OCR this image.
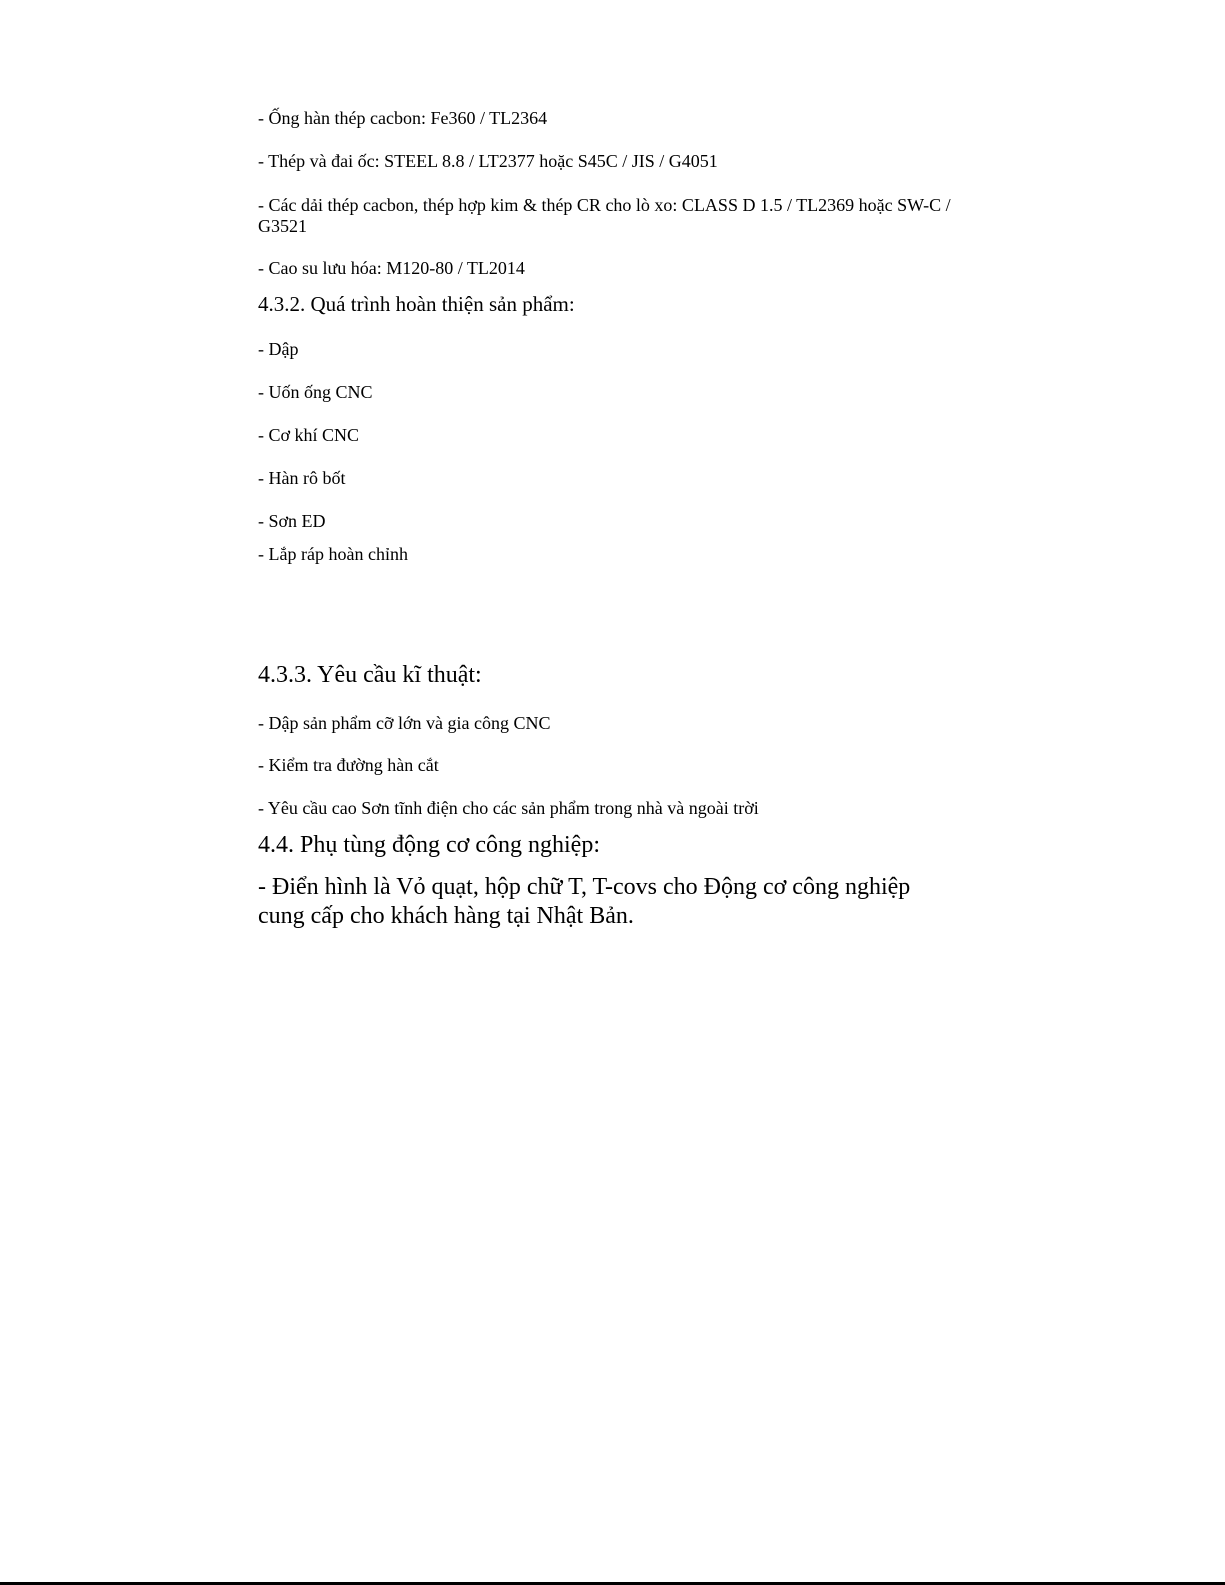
- Ống hàn thép cacbon: Fe360 / TL2364

- Thép và đai ốc: STEEL 8.8 / LT2377 hoặc S45C / JIS / G4051

- Các dải thép cacbon, thép hợp kim & thép CR cho lò xo: CLASS D 1.5 / TL2369 hoặc SW-C / G3521

- Cao su lưu hóa: M120-80 / TL2014

4.3.2. Quá trình hoàn thiện sản phẩm:

- Dập

- Uốn ống CNC

- Cơ khí CNC

- Hàn rô bốt

- Sơn ED

- Lắp ráp hoàn chỉnh

4.3.3. Yêu cầu kĩ thuật:

- Dập sản phẩm cỡ lớn và gia công CNC

- Kiểm tra đường hàn cắt

- Yêu cầu cao Sơn tĩnh điện cho các sản phẩm trong nhà và ngoài trời

4.4. Phụ tùng động cơ công nghiệp:

- Điển hình là Vỏ quạt, hộp chữ T, T-covs cho Động cơ công nghiệp cung cấp cho khách hàng tại Nhật Bản.
